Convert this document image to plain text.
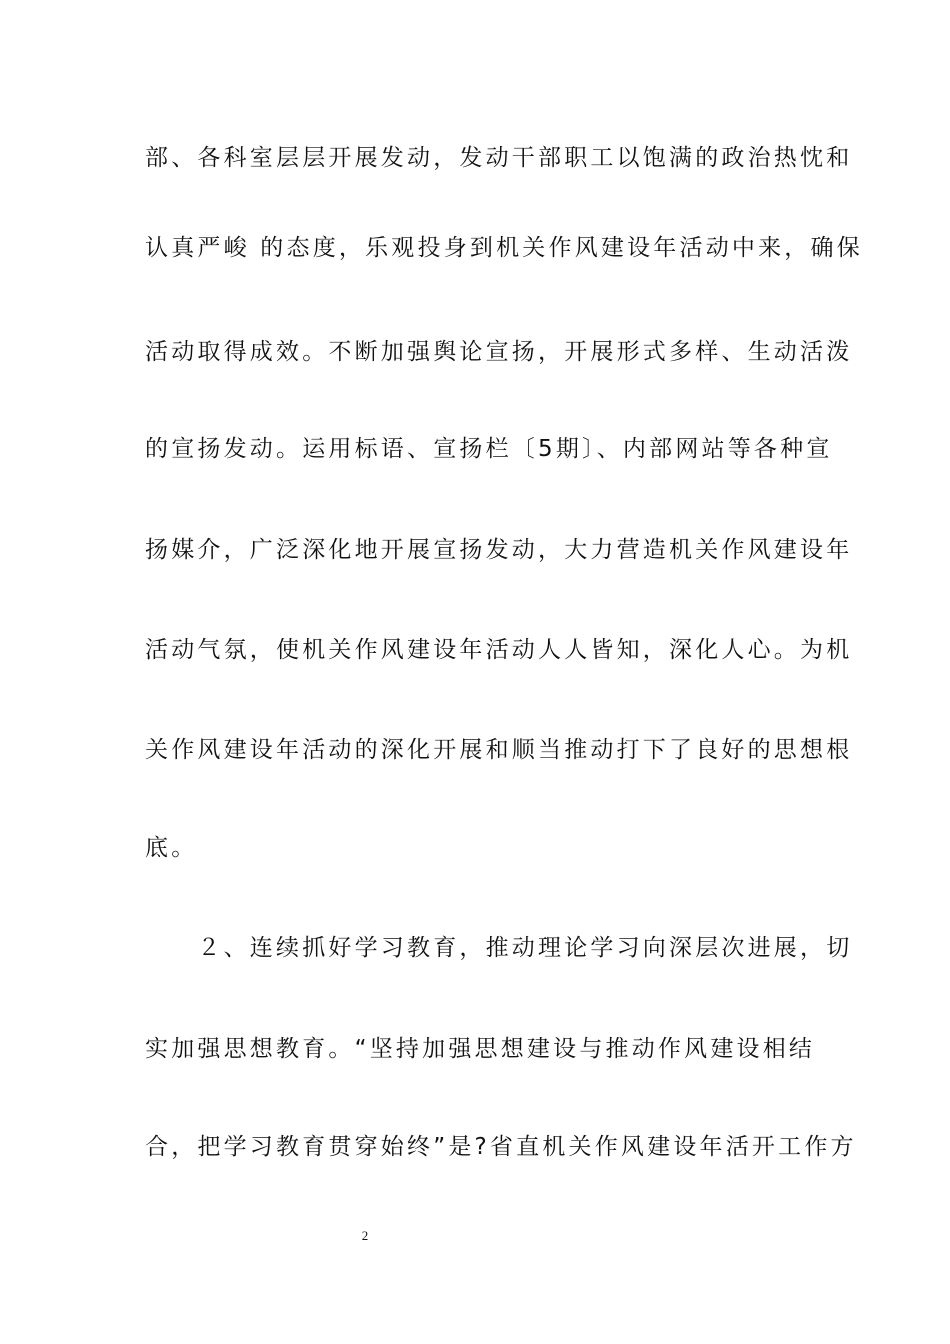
部、各科室层层开展发动，发动干部职工以饱满的政治热忱和
认真严峻 的态度，乐观投身到机关作风建设年活动中来，确保
活动取得成效。不断加强舆论宣扬，开展形式多样、生动活泼
的宣扬发动。运用标语、宣扬栏〔5期〕、内部网站等各种宣
扬媒介，广泛深化地开展宣扬发动，大力营造机关作风建设年
活动气氛，使机关作风建设年活动人人皆知，深化人心。为机
关作风建设年活动的深化开展和顺当推动打下了良好的思想根
底。
　　２、连续抓好学习教育，推动理论学习向深层次进展，切
实加强思想教育。“坚持加强思想建设与推动作风建设相结
合，把学习教育贯穿始终”是?省直机关作风建设年活开工作方
2
